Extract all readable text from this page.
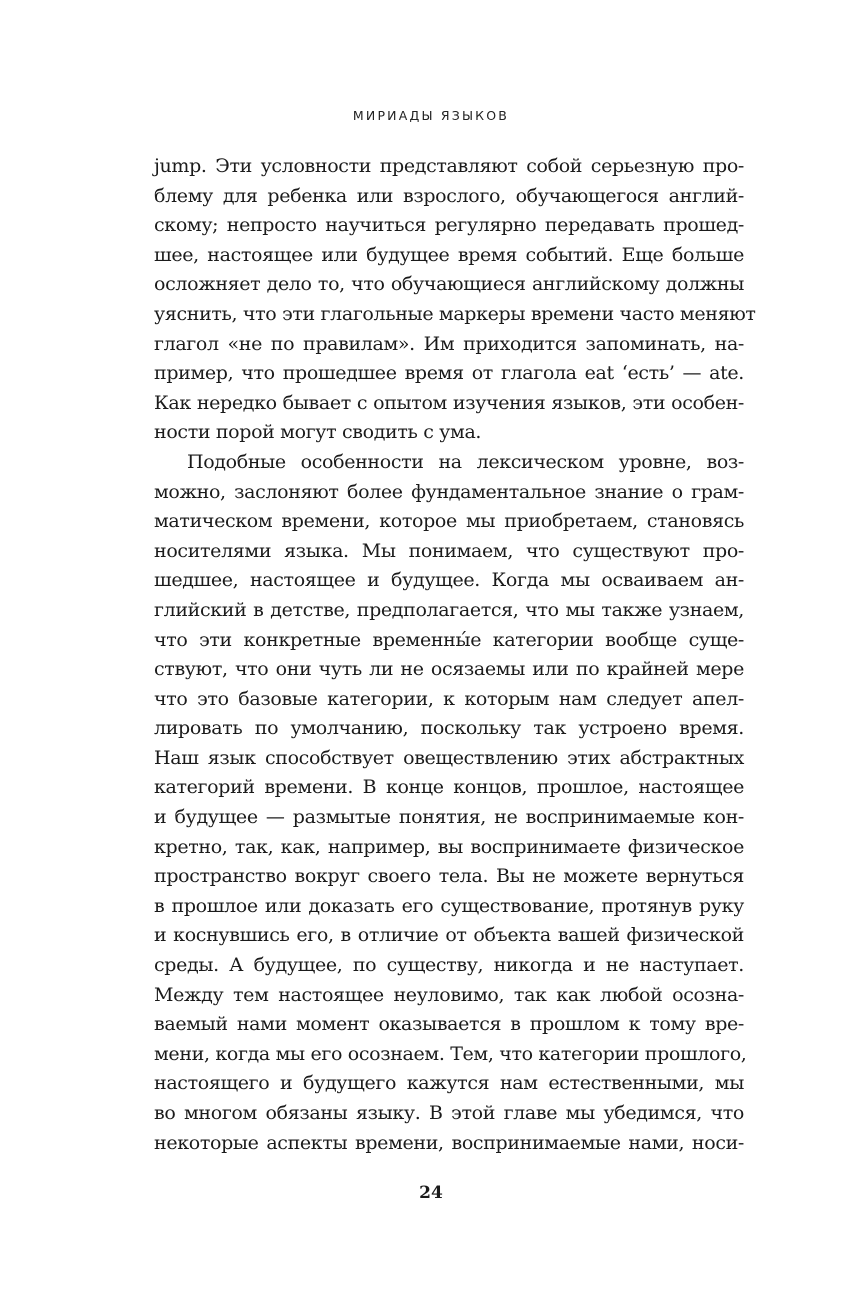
МИРИАДЫ ЯЗЫКОВ
jump. Эти условности представляют собой серьезную про-
блему для ребенка или взрослого, обучающегося англий-
скому; непросто научиться регулярно передавать прошед-
шее, настоящее или будущее время событий. Еще больше
осложняет дело то, что обучающиеся английскому должны
уяснить, что эти глагольные маркеры времени часто меняют
глагол «не по правилам». Им приходится запоминать, на-
пример, что прошедшее время от глагола eat ‘есть’ — ate.
Как нередко бывает с опытом изучения языков, эти особен-
ности порой могут сводить с ума.
Подобные особенности на лексическом уровне, воз-
можно, заслоняют более фундаментальное знание о грам-
матическом времени, которое мы приобретаем, становясь
носителями языка. Мы понимаем, что существуют про-
шедшее, настоящее и будущее. Когда мы осваиваем ан-
глийский в детстве, предполагается, что мы также узнаем,
что эти конкретные временны́е категории вообще суще-
ствуют, что они чуть ли не осязаемы или по крайней мере
что это базовые категории, к которым нам следует апел-
лировать по умолчанию, поскольку так устроено время.
Наш язык способствует овеществлению этих абстрактных
категорий времени. В конце концов, прошлое, настоящее
и будущее — размытые понятия, не воспринимаемые кон-
кретно, так, как, например, вы воспринимаете физическое
пространство вокруг своего тела. Вы не можете вернуться
в прошлое или доказать его существование, протянув руку
и коснувшись его, в отличие от объекта вашей физической
среды. А будущее, по существу, никогда и не наступает.
Между тем настоящее неуловимо, так как любой осозна-
ваемый нами момент оказывается в прошлом к тому вре-
мени, когда мы его осознаем. Тем, что категории прошлого,
настоящего и будущего кажутся нам естественными, мы
во многом обязаны языку. В этой главе мы убедимся, что
некоторые аспекты времени, воспринимаемые нами, носи-
24
